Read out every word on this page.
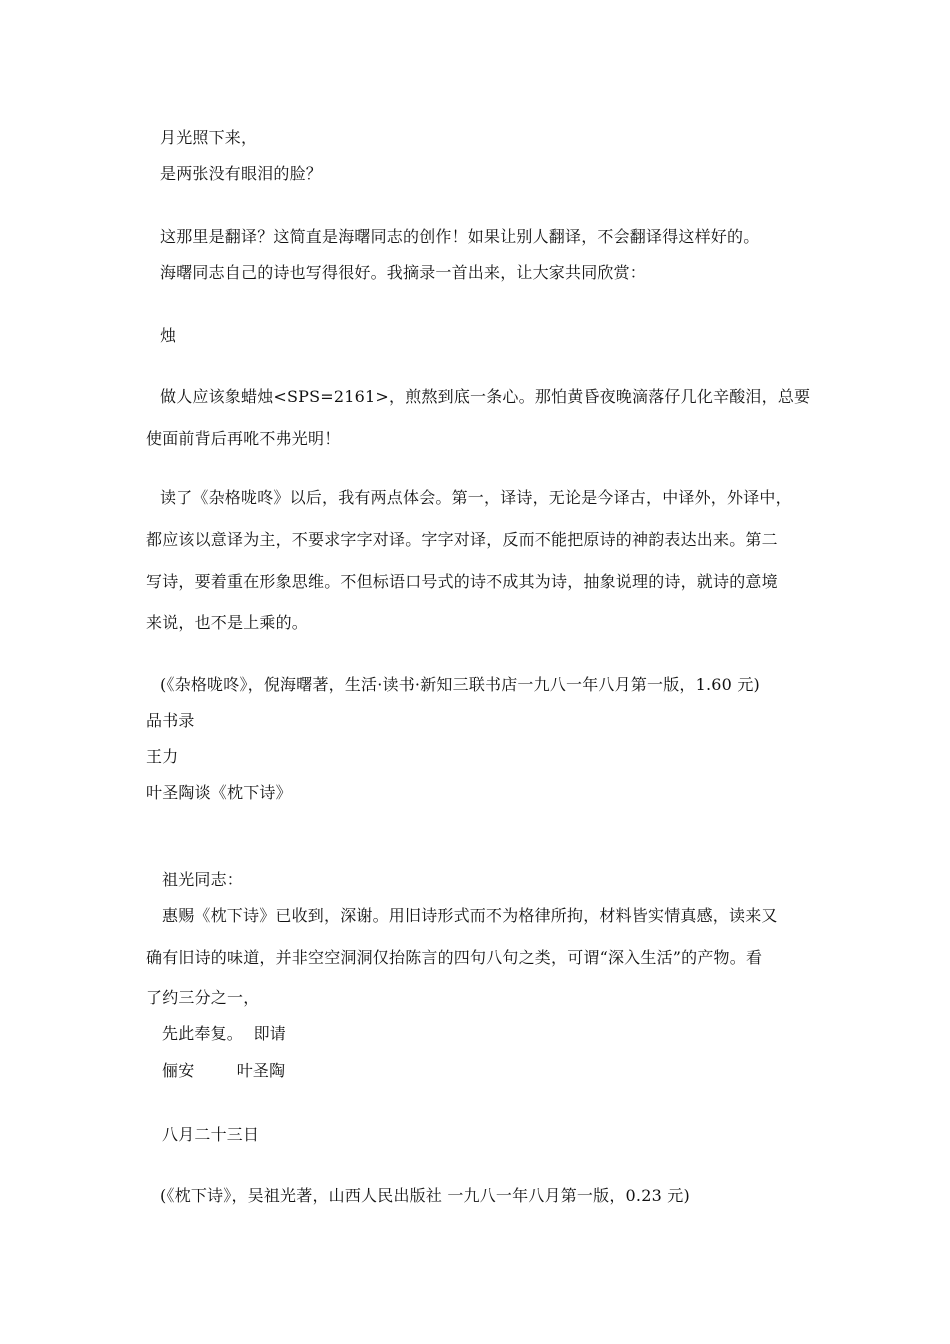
月光照下来，
是两张没有眼泪的脸？
这那里是翻译？这简直是海曙同志的创作！如果让别人翻译，不会翻译得这样好的。
海曙同志自己的诗也写得很好。我摘录一首出来，让大家共同欣赏：
烛
做人应该象蜡烛<SPS=2161>，煎熬到底一条心。那怕黄昏夜晚滴落仔几化辛酸泪，总要
使面前背后再吪不弗光明！
读了《杂格咙咚》以后，我有两点体会。第一，译诗，无论是今译古，中译外，外译中，
都应该以意译为主，不要求字字对译。字字对译，反而不能把原诗的神韵表达出来。第二
写诗，要着重在形象思维。不但标语口号式的诗不成其为诗，抽象说理的诗，就诗的意境
来说，也不是上乘的。
(《杂格咙咚》，倪海曙著，生活·读书·新知三联书店一九八一年八月第一版，1.60 元)
品书录
王力
叶圣陶谈《枕下诗》
祖光同志：
惠赐《枕下诗》已收到，深谢。用旧诗形式而不为格律所拘，材料皆实情真感，读来又
确有旧诗的味道，并非空空洞洞仅抬陈言的四句八句之类，可谓“深入生活”的产物。看
了约三分之一，
先此奉复。  即请
俪安        叶圣陶
八月二十三日
(《枕下诗》，吴祖光著，山西人民出版社 一九八一年八月第一版，0.23 元)
